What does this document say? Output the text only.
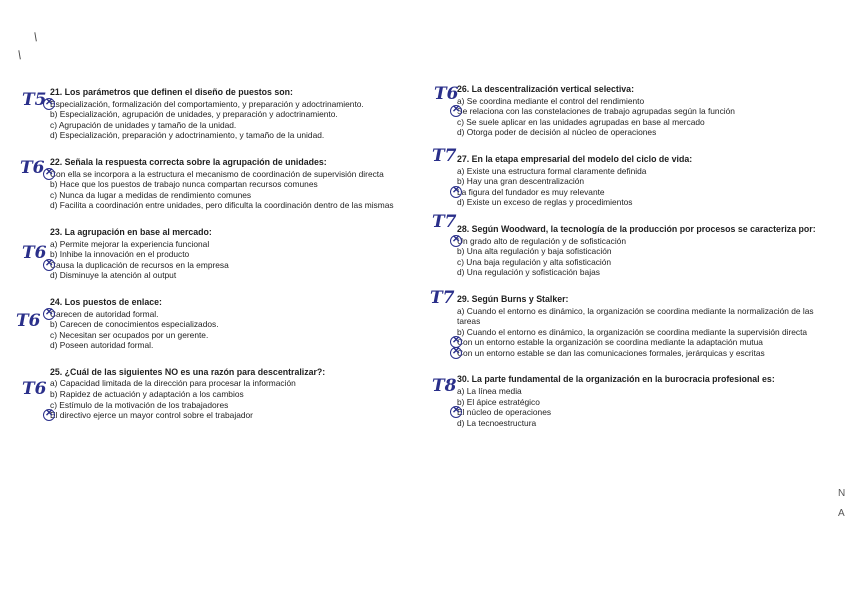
21. Los parámetros que definen el diseño de puestos son:
Especialización, formalización del comportamiento, y preparación y adoctrinamiento. ✕
b) Especialización, agrupación de unidades, y preparación y adoctrinamiento.
c) Agrupación de unidades y tamaño de la unidad.
d) Especialización, preparación y adoctrinamiento, y tamaño de la unidad.
22. Señala la respuesta correcta sobre la agrupación de unidades:
Con ella se incorpora a la estructura el mecanismo de coordinación de supervisión directa ✕
b) Hace que los puestos de trabajo nunca compartan recursos comunes
c) Nunca da lugar a medidas de rendimiento comunes
d) Facilita a coordinación entre unidades, pero dificulta la coordinación dentro de las mismas
23. La agrupación en base al mercado:
a) Permite mejorar la experiencia funcional
b) Inhibe la innovación en el producto
Causa la duplicación de recursos en la empresa ✕
d) Disminuye la atención al output
24. Los puestos de enlace:
Carecen de autoridad formal. ✕
b) Carecen de conocimientos especializados.
c) Necesitan ser ocupados por un gerente.
d) Poseen autoridad formal.
25. ¿Cuál de las siguientes NO es una razón para descentralizar?:
a) Capacidad limitada de la dirección para procesar la información
b) Rapidez de actuación y adaptación a los cambios
c) Estímulo de la motivación de los trabajadores
El directivo ejerce un mayor control sobre el trabajador ✕
26. La descentralización vertical selectiva:
a) Se coordina mediante el control del rendimiento
Se relaciona con las constelaciones de trabajo agrupadas según la función ✕
c) Se suele aplicar en las unidades agrupadas en base al mercado
d) Otorga poder de decisión al núcleo de operaciones
27. En la etapa empresarial del modelo del ciclo de vida:
a) Existe una estructura formal claramente definida
b) Hay una gran descentralización
La figura del fundador es muy relevante ✕
d) Existe un exceso de reglas y procedimientos
28. Según Woodward, la tecnología de la producción por procesos se caracteriza por:
Un grado alto de regulación y de sofisticación ✕
b) Una alta regulación y baja sofisticación
c) Una baja regulación y alta sofisticación
d) Una regulación y sofisticación bajas
29. Según Burns y Stalker:
a) Cuando el entorno es dinámico, la organización se coordina mediante la normalización de las tareas
b) Cuando el entorno es dinámico, la organización se coordina mediante la supervisión directa
Con un entorno estable la organización se coordina mediante la adaptación mutua ✕
Con un entorno estable se dan las comunicaciones formales, jerárquicas y escritas ✕
30. La parte fundamental de la organización en la burocracia profesional es:
a) La línea media
b) El ápice estratégico
El núcleo de operaciones ✕
d) La tecnoestructura
T5
T6
T6
T6
T6
T6
T7
T7
T7
T8
/
/
N
A
